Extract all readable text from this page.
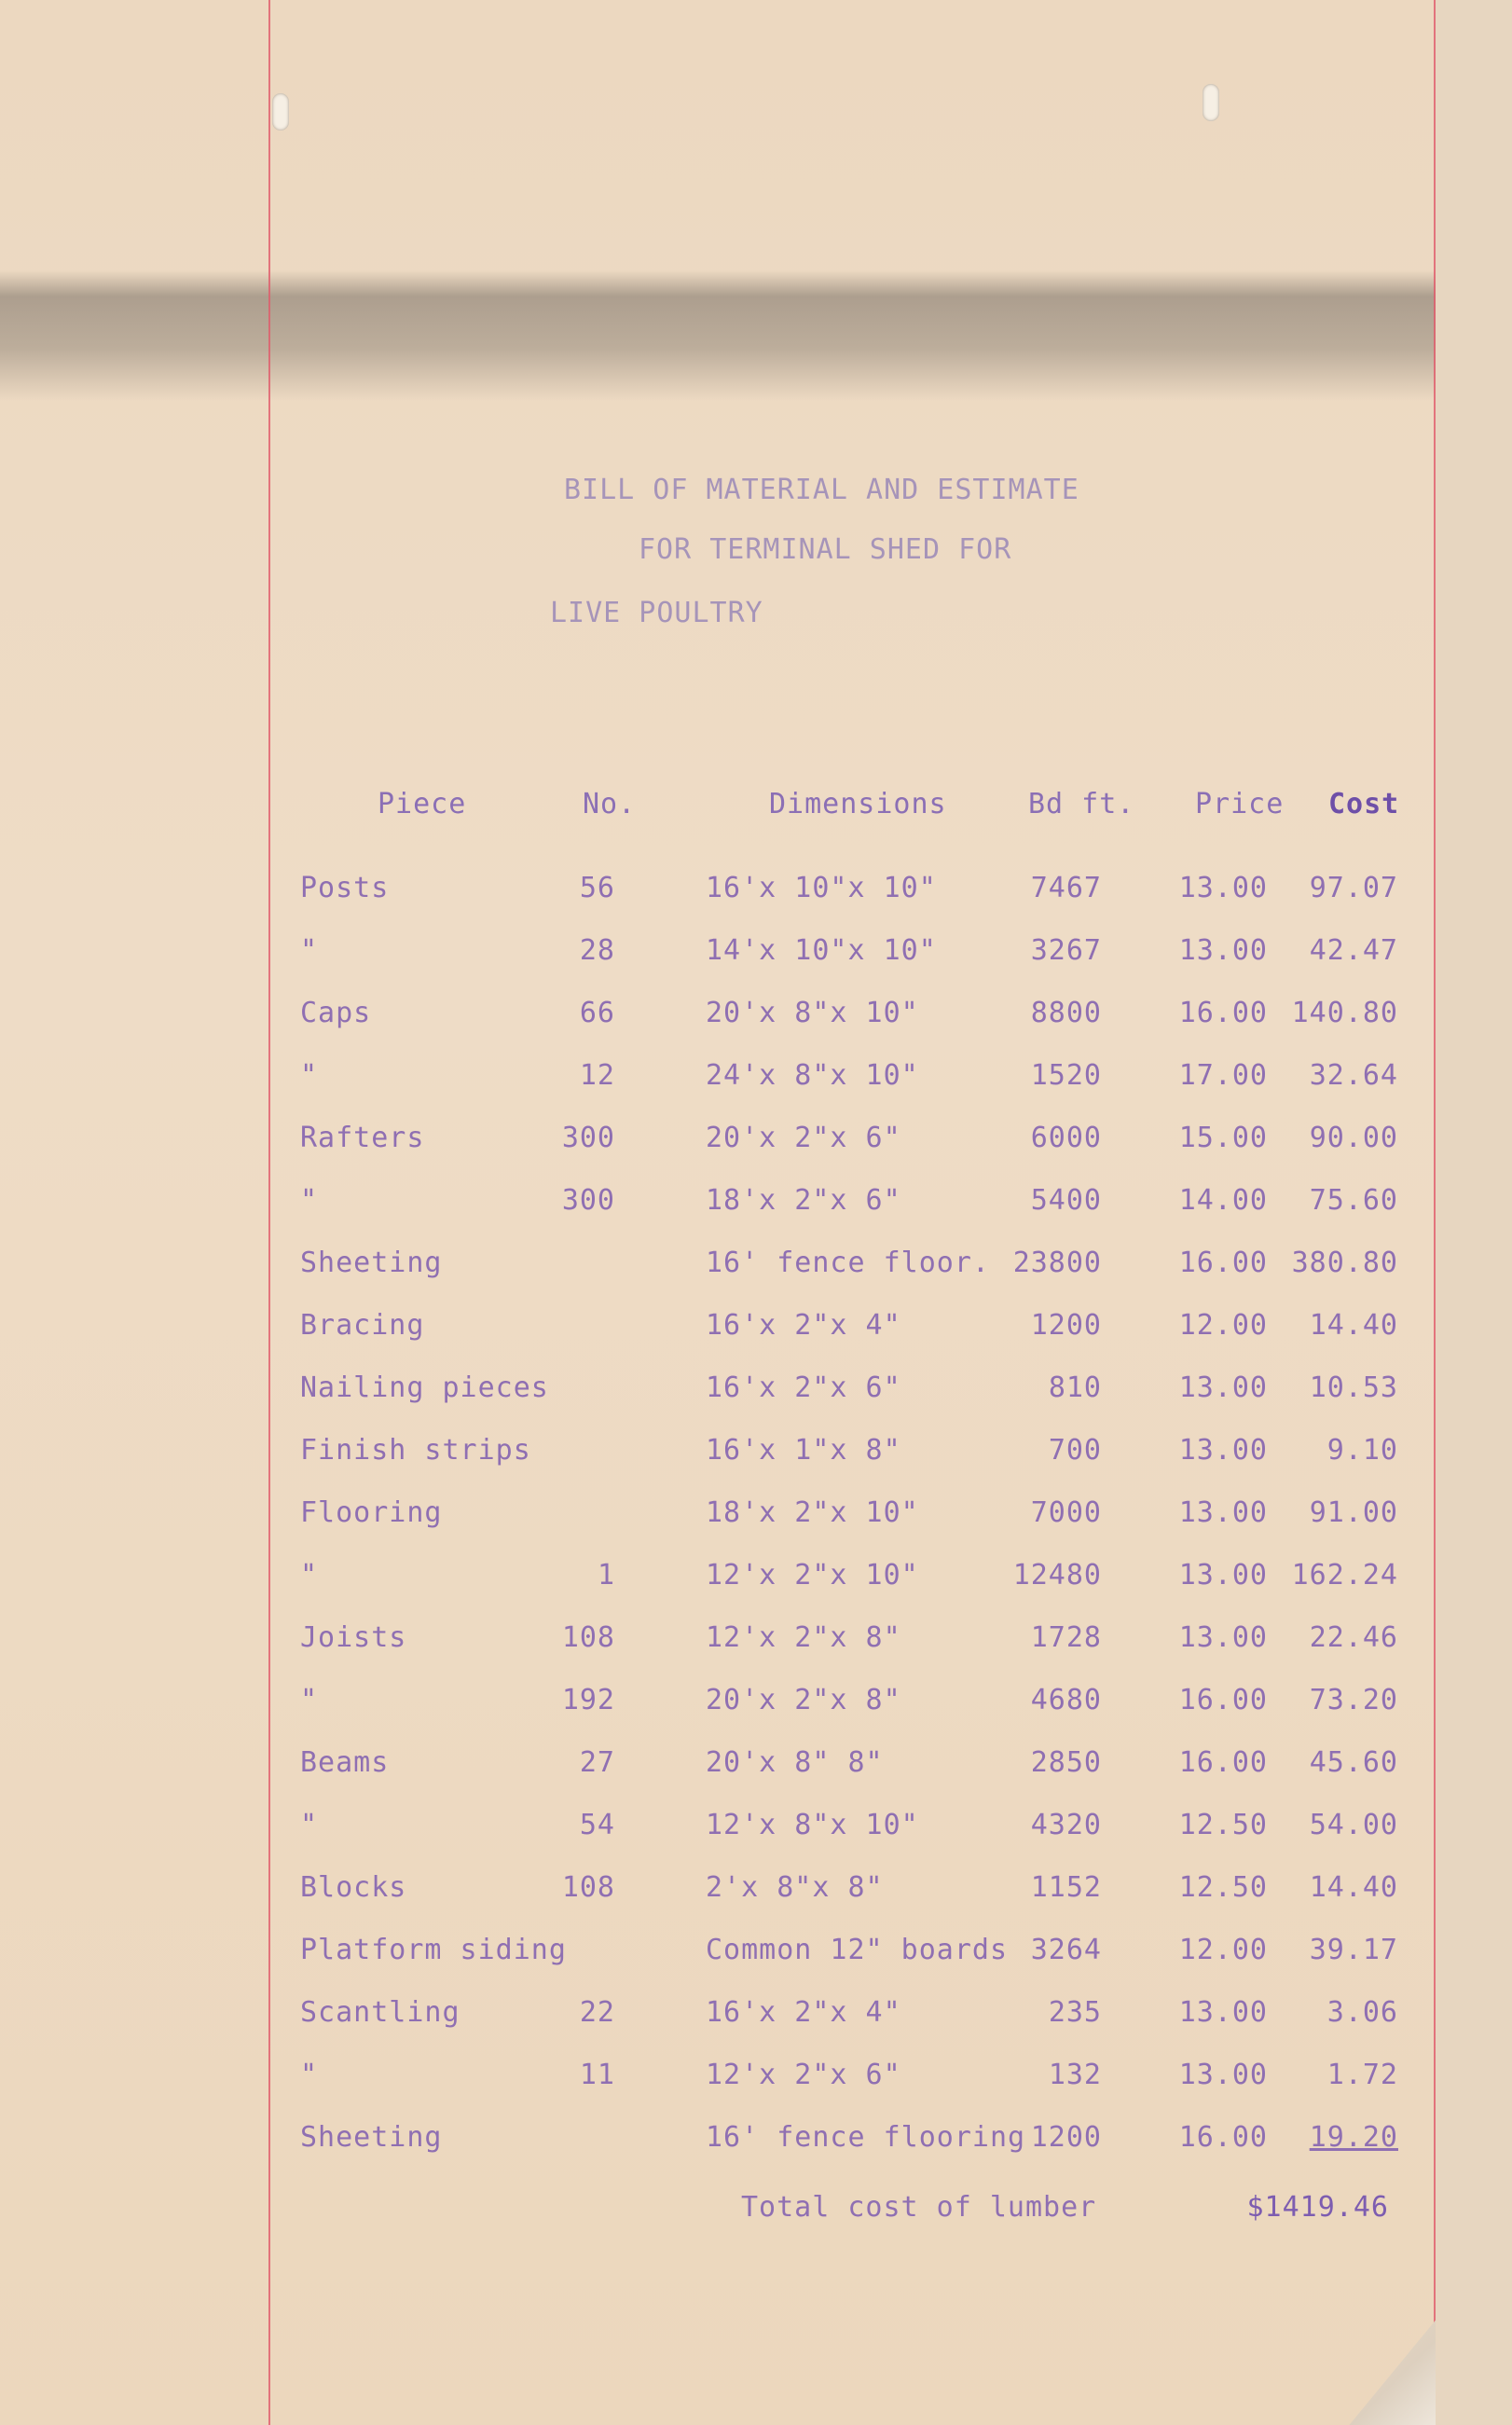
BILL OF MATERIAL AND ESTIMATE
FOR TERMINAL SHED FOR
LIVE POULTRY
Piece	No.	Dimensions	Bd ft. Price Cost
Posts	56	16'x 10"x 10"	7467	13.00	97.07
"	28	14'x 10"x 10"	3267	13.00	42.47
Caps	66	20'x 8"x 10"	8800	16.00 140.80
"	12	24'x 8"x 10"	1520	17.00	32.64
Rafters	300	20'x 2"x 6"	6000	15.00	90.00
"	300	18'x 2"x 6"	5400	14.00	75.60
Sheeting	16' fence floor. 23800	16.00 380.80
Bracing	16'x 2"x 4"	1200	12.00	14.40
Nailing pieces	16'x 2"x 6"	810	13.00	10.53
Finish strips	16'x 1"x 8"	700	13.00	9.10
Flooring	18'x 2"x 10"	7000	13.00	91.00
"	1	12'x 2"x 10"	12480	13.00 162.24
Joists	108	12'x 2"x 8"	1728	13.00	22.46
"	192	20'x 2"x 8"	4680	16.00	73.20
Beams	27	20'x 8" 8"	2850	16.00	45.60
"	54	12'x 8"x 10"	4320	12.50	54.00
Blocks	108	2'x 8"x 8"	1152	12.50	14.40
Platform siding	Common 12" boards 3264	12.00	39.17
Scantling	22	16'x 2"x 4"	235	13.00	3.06
"	11	12'x 2"x 6"	132	13.00	1.72
Sheeting	16' fence flooring 1200	16.00	19.20
Total cost of lumber	$1419.46
